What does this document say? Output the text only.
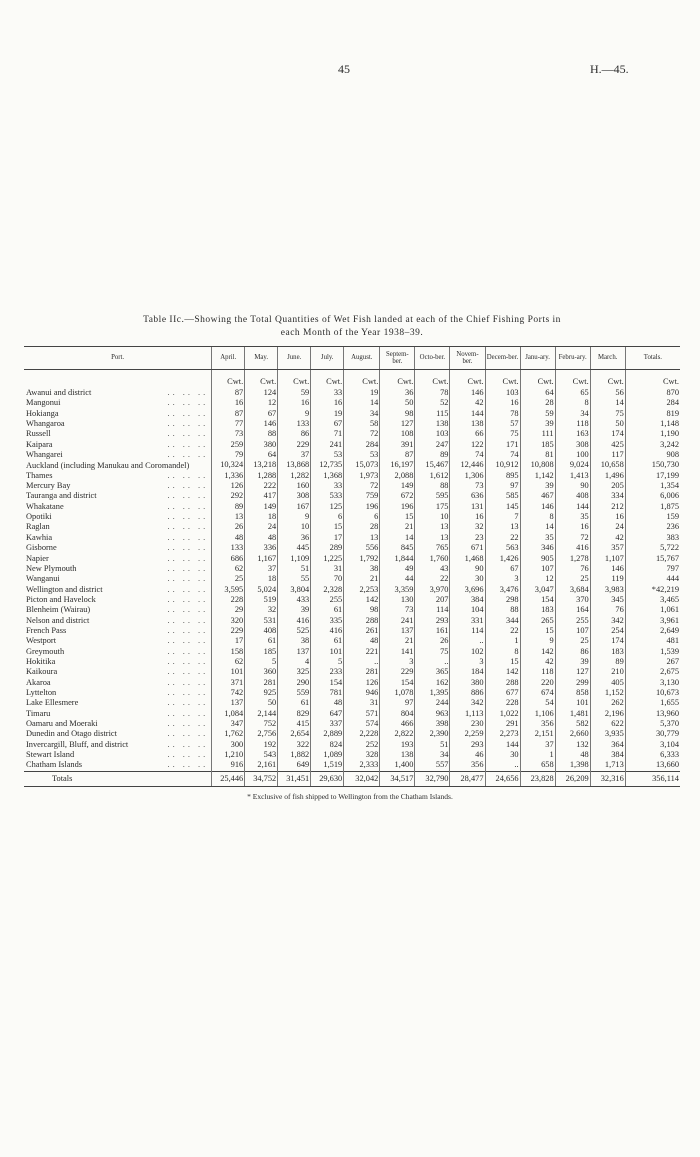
45	H.—45.
Table IIc.—Showing the Total Quantities of Wet Fish landed at each of the Chief Fishing Ports in
each Month of the Year 1938–39.
Port.	April.	May.	June.	July.	August.	Septem-ber.	Octo-ber.	Novem-ber.	Decem-ber.	Janu-ary.	Febru-ary.	March.	Totals.
	Cwt.	Cwt.	Cwt.	Cwt.	Cwt.	Cwt.	Cwt.	Cwt.	Cwt.	Cwt.	Cwt.	Cwt.	Cwt.
Awanui and district .. .. ..	87	124	59	33	19	36	78	146	103	64	65	56	870
Mangonui .. .. ..	16	12	16	16	14	50	52	42	16	28	8	14	284
Hokianga .. .. ..	87	67	9	19	34	98	115	144	78	59	34	75	819
Whangaroa .. .. ..	77	146	133	67	58	127	138	138	57	39	118	50	1,148
Russell .. .. ..	73	88	86	71	72	108	103	66	75	111	163	174	1,190
Kaipara .. .. ..	259	380	229	241	284	391	247	122	171	185	308	425	3,242
Whangarei .. .. ..	79	64	37	53	53	87	89	74	74	81	100	117	908
Auckland (including Manukau and Coromandel)	10,324	13,218	13,868	12,735	15,073	16,197	15,467	12,446	10,912	10,808	9,024	10,658	150,730
Thames .. .. ..	1,336	1,288	1,282	1,368	1,973	2,088	1,612	1,306	895	1,142	1,413	1,496	17,199
Mercury Bay .. .. ..	126	222	160	33	72	149	88	73	97	39	90	205	1,354
Tauranga and district .. .. ..	292	417	308	533	759	672	595	636	585	467	408	334	6,006
Whakatane .. .. ..	89	149	167	125	196	196	175	131	145	146	144	212	1,875
Opotiki .. .. ..	13	18	9	6	6	15	10	16	7	8	35	16	159
Raglan .. .. ..	26	24	10	15	28	21	13	32	13	14	16	24	236
Kawhia .. .. ..	48	48	36	17	13	14	13	23	22	35	72	42	383
Gisborne .. .. ..	133	336	445	289	556	845	765	671	563	346	416	357	5,722
Napier .. .. ..	686	1,167	1,109	1,225	1,792	1,844	1,760	1,468	1,426	905	1,278	1,107	15,767
New Plymouth .. .. ..	62	37	51	31	38	49	43	90	67	107	76	146	797
Wanganui .. .. ..	25	18	55	70	21	44	22	30	3	12	25	119	444
Wellington and district .. .. ..	3,595	5,024	3,804	2,328	2,253	3,359	3,970	3,696	3,476	3,047	3,684	3,983	*42,219
Picton and Havelock .. .. ..	228	519	433	255	142	130	207	384	298	154	370	345	3,465
Blenheim (Wairau) .. .. ..	29	32	39	61	98	73	114	104	88	183	164	76	1,061
Nelson and district .. .. ..	320	531	416	335	288	241	293	331	344	265	255	342	3,961
French Pass .. .. ..	229	408	525	416	261	137	161	114	22	15	107	254	2,649
Westport .. .. ..	17	61	38	61	48	21	26	..	1	9	25	174	481
Greymouth .. .. ..	158	185	137	101	221	141	75	102	8	142	86	183	1,539
Hokitika .. .. ..	62	5	4	5	..	3	..	3	15	42	39	89	267
Kaikoura .. .. ..	101	360	325	233	281	229	365	184	142	118	127	210	2,675
Akaroa .. .. ..	371	281	290	154	126	154	162	380	288	220	299	405	3,130
Lyttelton .. .. ..	742	925	559	781	946	1,078	1,395	886	677	674	858	1,152	10,673
Lake Ellesmere .. .. ..	137	50	61	48	31	97	244	342	228	54	101	262	1,655
Timaru .. .. ..	1,084	2,144	829	647	571	804	963	1,113	1,022	1,106	1,481	2,196	13,960
Oamaru and Moeraki .. .. ..	347	752	415	337	574	466	398	230	291	356	582	622	5,370
Dunedin and Otago district .. .. ..	1,762	2,756	2,654	2,889	2,228	2,822	2,390	2,259	2,273	2,151	2,660	3,935	30,779
Invercargill, Bluff, and district .. .. ..	300	192	322	824	252	193	51	293	144	37	132	364	3,104
Stewart Island .. .. ..	1,210	543	1,882	1,089	328	138	34	46	30	1	48	384	6,333
Chatham Islands .. .. ..	916	2,161	649	1,519	2,333	1,400	557	356	..	658	1,398	1,713	13,660
Totals	25,446	34,752	31,451	29,630	32,042	34,517	32,790	28,477	24,656	23,828	26,209	32,316	356,114
* Exclusive of fish shipped to Wellington from the Chatham Islands.
